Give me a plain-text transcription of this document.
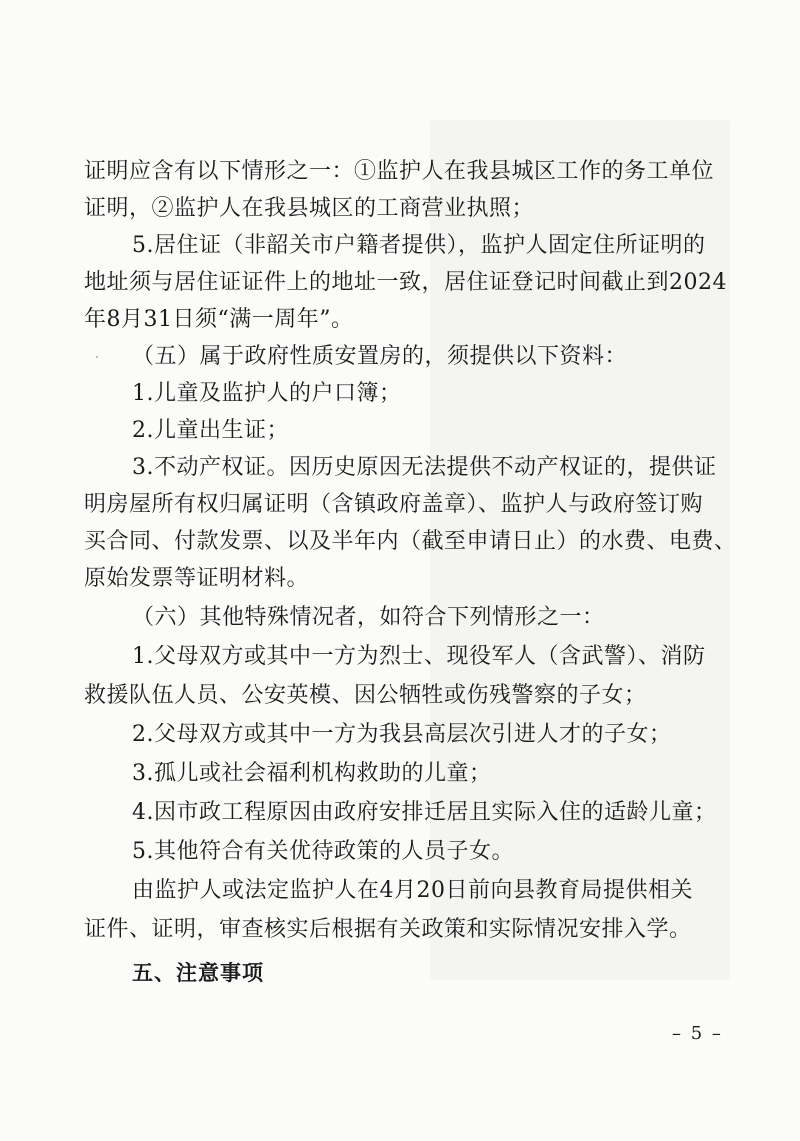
证明应含有以下情形之一：①监护人在我县城区工作的务工单位
证明，②监护人在我县城区的工商营业执照；
5.居住证（非韶关市户籍者提供），监护人固定住所证明的
地址须与居住证证件上的地址一致，居住证登记时间截止到2024
年8月31日须“满一周年”。
（五）属于政府性质安置房的，须提供以下资料：
1.儿童及监护人的户口簿；
2.儿童出生证；
3.不动产权证。因历史原因无法提供不动产权证的，提供证
明房屋所有权归属证明（含镇政府盖章）、监护人与政府签订购
买合同、付款发票、以及半年内（截至申请日止）的水费、电费、
原始发票等证明材料。
（六）其他特殊情况者，如符合下列情形之一：
1.父母双方或其中一方为烈士、现役军人（含武警）、消防
救援队伍人员、公安英模、因公牺牲或伤残警察的子女；
2.父母双方或其中一方为我县高层次引进人才的子女；
3.孤儿或社会福利机构救助的儿童；
4.因市政工程原因由政府安排迁居且实际入住的适龄儿童；
5.其他符合有关优待政策的人员子女。
由监护人或法定监护人在4月20日前向县教育局提供相关
证件、证明，审查核实后根据有关政策和实际情况安排入学。
五、注意事项
– 5 –
